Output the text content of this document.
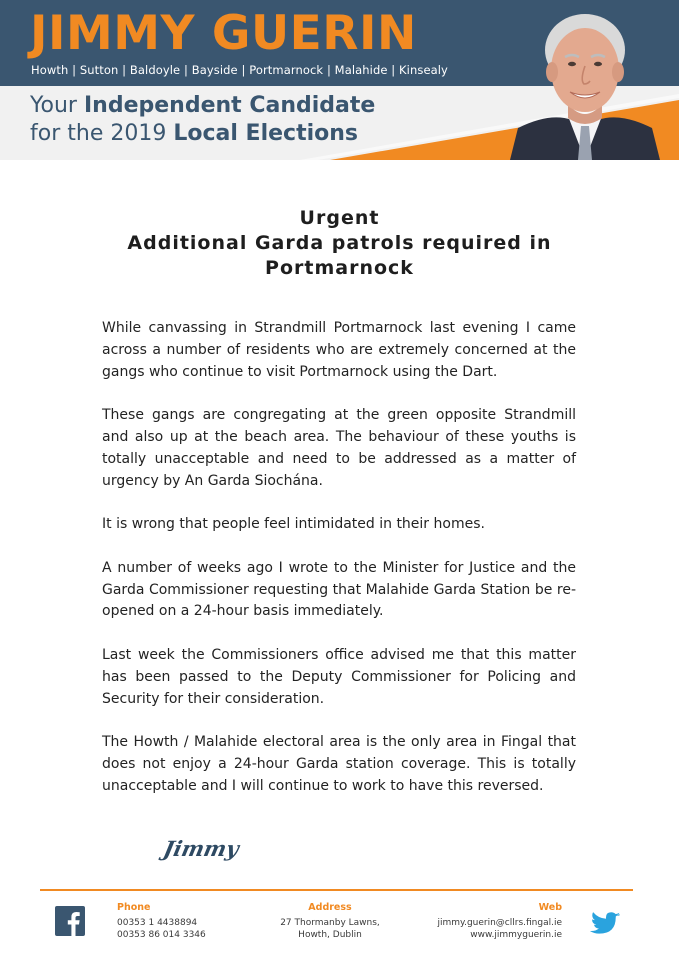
JIMMY GUERIN
Howth | Sutton | Baldoyle | Bayside | Portmarnock | Malahide | Kinsealy
Your Independent Candidate
for the 2019 Local Elections
Urgent
Additional Garda patrols required in
Portmarnock

While canvassing in Strandmill Portmarnock last evening I came across a number of residents who are extremely concerned at the gangs who continue to visit Portmarnock using the Dart.

These gangs are congregating at the green opposite Strandmill and also up at the beach area. The behaviour of these youths is totally unacceptable and need to be addressed as a matter of urgency by An Garda Siochána.

It is wrong that people feel intimidated in their homes.

A number of weeks ago I wrote to the Minister for Justice and the Garda Commissioner requesting that Malahide Garda Station be re-opened on a 24-hour basis immediately.

Last week the Commissioners office advised me that this matter has been passed to the Deputy Commissioner for Policing and Security for their consideration.

The Howth / Malahide electoral area is the only area in Fingal that does not enjoy a 24-hour Garda station coverage. This is totally unacceptable and I will continue to work to have this reversed.

Jimmy
Phone
00353 1 4438894
00353 86 014 3346
Address
27 Thormanby Lawns,
Howth, Dublin
Web
jimmy.guerin@cllrs.fingal.ie
www.jimmyguerin.ie
